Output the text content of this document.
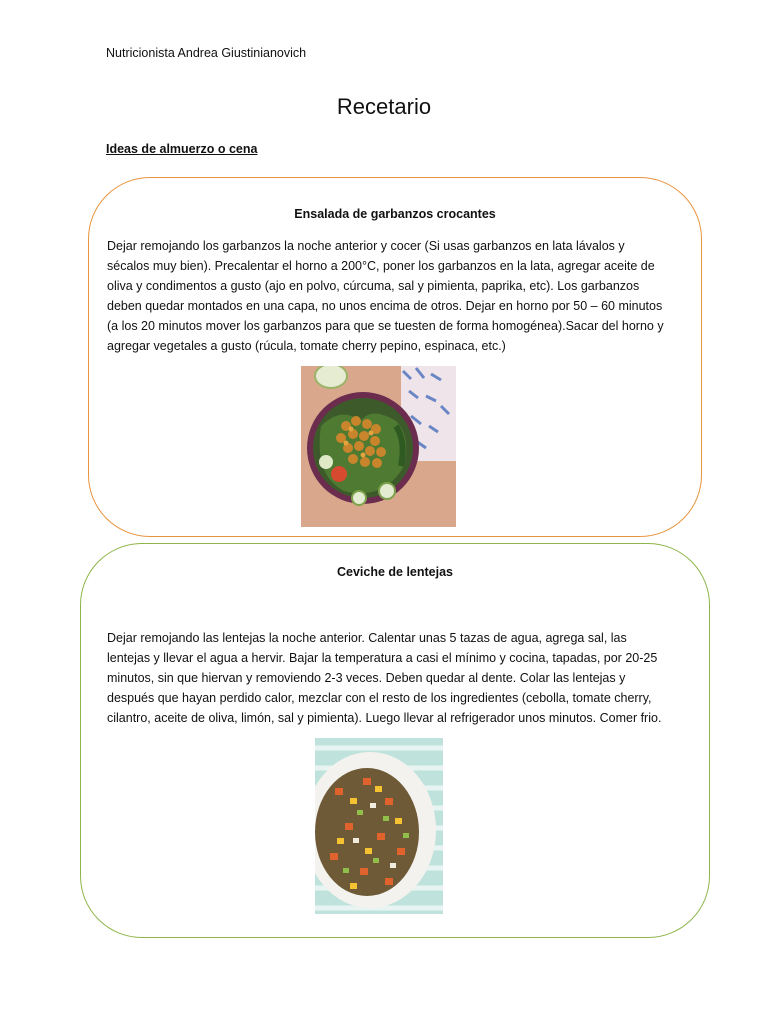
Nutricionista Andrea Giustinianovich
Recetario
Ideas de almuerzo o cena
Ensalada de garbanzos crocantes

Dejar remojando los garbanzos la noche anterior y cocer (Si usas garbanzos en lata lávalos y sécalos muy bien). Precalentar el horno a 200°C, poner los garbanzos en la lata, agregar aceite de oliva y condimentos a gusto (ajo en polvo, cúrcuma, sal y pimienta, paprika, etc). Los garbanzos deben quedar montados en una capa, no unos encima de otros. Dejar en horno por 50 – 60 minutos (a los 20 minutos mover los garbanzos para que se tuesten de forma homogénea).Sacar del horno y agregar vegetales a gusto (rúcula, tomate cherry pepino, espinaca, etc.)

Ceviche de lentejas

Dejar remojando las lentejas la noche anterior. Calentar unas 5 tazas de agua, agrega sal, las lentejas y llevar el agua a hervir. Bajar la temperatura a casi el mínimo y cocina, tapadas, por 20-25 minutos, sin que hiervan y removiendo 2-3 veces. Deben quedar al dente. Colar las lentejas y después que hayan perdido calor, mezclar con el resto de los ingredientes (cebolla, tomate cherry, cilantro, aceite de oliva, limón, sal y pimienta). Luego llevar al refrigerador unos minutos. Comer frio.
